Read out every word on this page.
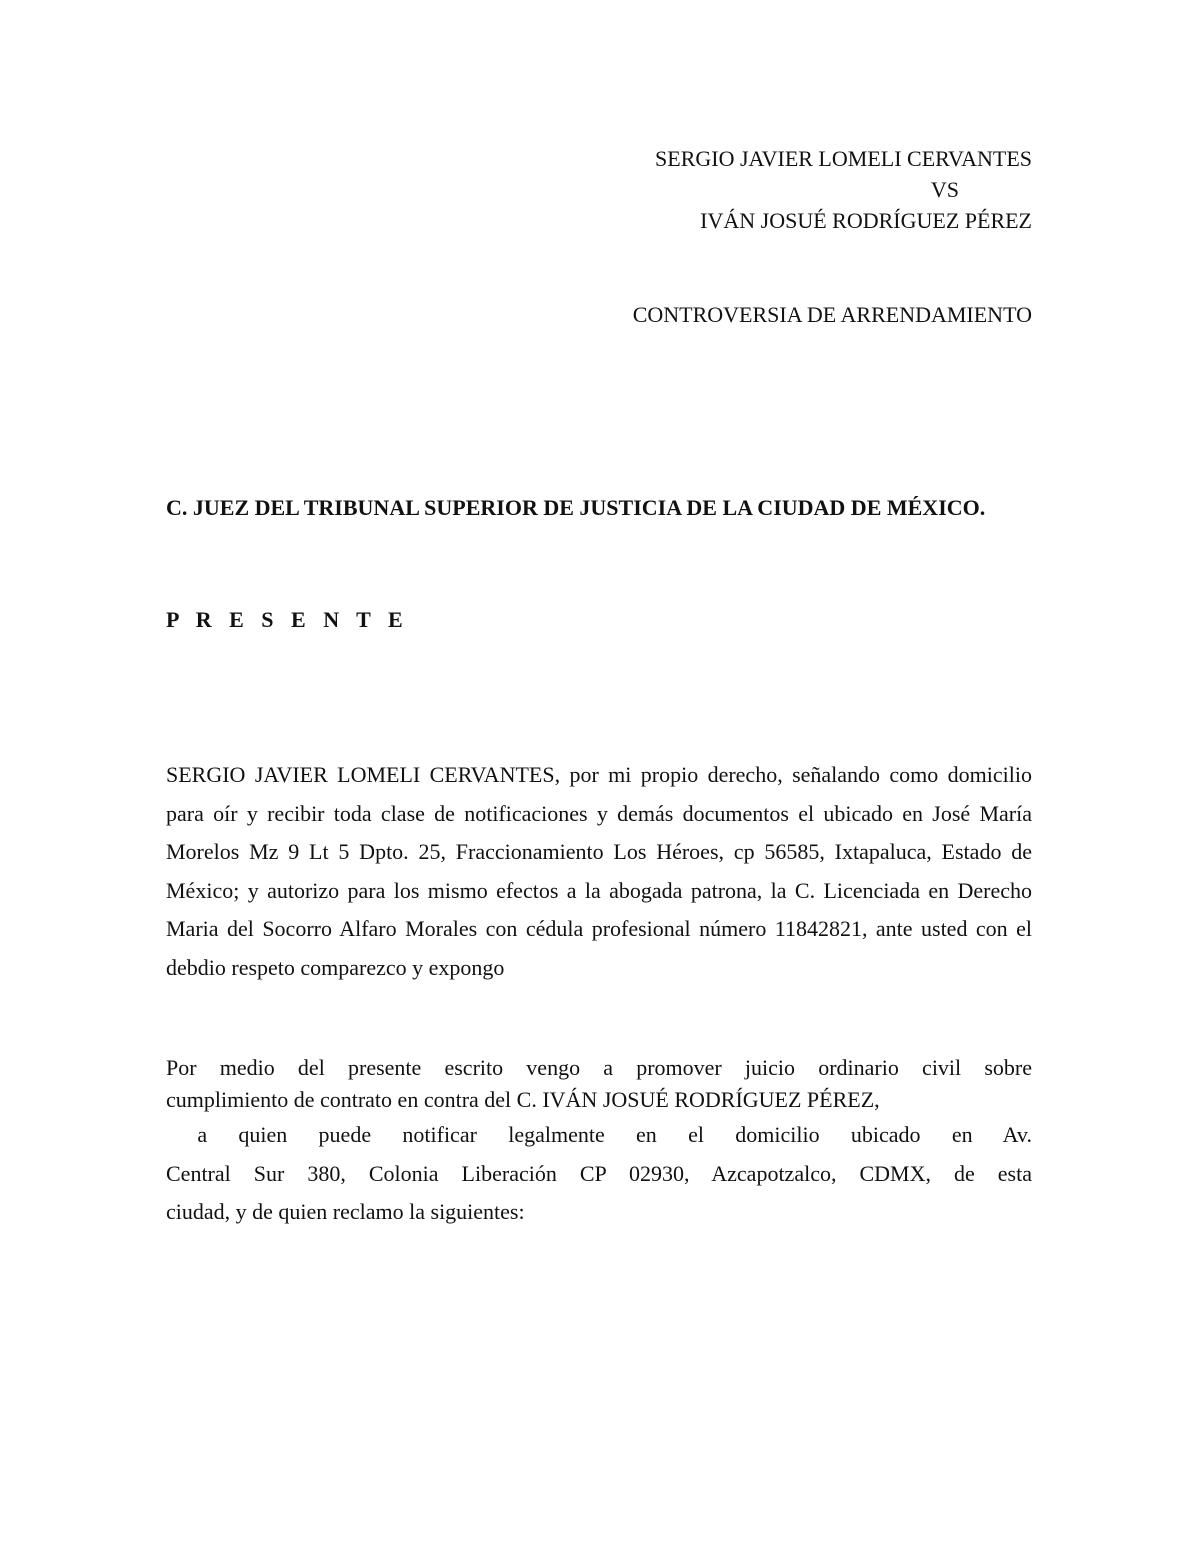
SERGIO JAVIER LOMELI CERVANTES
VS
IVÁN JOSUÉ RODRÍGUEZ PÉREZ
CONTROVERSIA DE ARRENDAMIENTO
C. JUEZ DEL TRIBUNAL SUPERIOR DE JUSTICIA DE LA CIUDAD DE MÉXICO.
P R E S E N T E
SERGIO JAVIER LOMELI CERVANTES, por mi propio derecho, señalando como domicilio para oír y recibir toda clase de notificaciones y demás documentos el ubicado en José María Morelos Mz 9 Lt 5 Dpto. 25, Fraccionamiento Los Héroes, cp 56585, Ixtapaluca, Estado de México; y autorizo para los mismo efectos a la abogada patrona, la C. Licenciada en Derecho Maria del Socorro Alfaro Morales con cédula profesional número 11842821, ante usted con el debdio respeto comparezco y expongo
Por medio del presente escrito vengo a promover juicio ordinario civil sobre
cumplimiento de contrato en contra del C. IVÁN JOSUÉ RODRÍGUEZ PÉREZ,
a quien puede notificar legalmente en el domicilio ubicado en Av.
Central Sur 380, Colonia Liberación CP 02930, Azcapotzalco, CDMX, de esta
ciudad, y de quien reclamo la siguientes:
